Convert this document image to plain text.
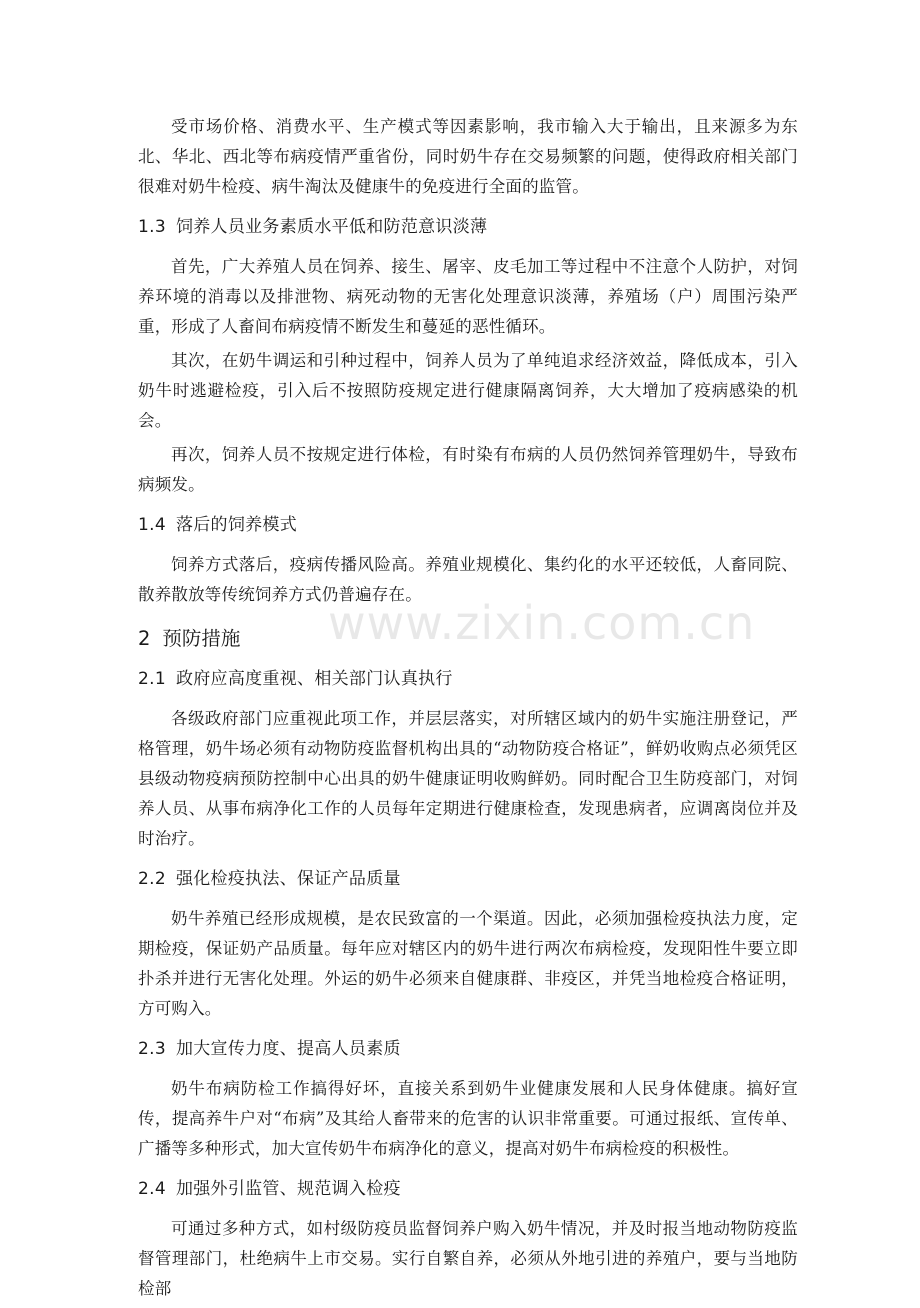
www.zixin.com.cn

受市场价格、消费水平、生产模式等因素影响，我市输入大于输出，且来源多为东北、华北、西北等布病疫情严重省份，同时奶牛存在交易频繁的问题，使得政府相关部门很难对奶牛检疫、病牛淘汰及健康牛的免疫进行全面的监管。

1.3 饲养人员业务素质水平低和防范意识淡薄

首先，广大养殖人员在饲养、接生、屠宰、皮毛加工等过程中不注意个人防护，对饲养环境的消毒以及排泄物、病死动物的无害化处理意识淡薄，养殖场（户）周围污染严重，形成了人畜间布病疫情不断发生和蔓延的恶性循环。

其次，在奶牛调运和引种过程中，饲养人员为了单纯追求经济效益，降低成本，引入奶牛时逃避检疫，引入后不按照防疫规定进行健康隔离饲养，大大增加了疫病感染的机会。

再次，饲养人员不按规定进行体检，有时染有布病的人员仍然饲养管理奶牛，导致布病频发。

1.4 落后的饲养模式

饲养方式落后，疫病传播风险高。养殖业规模化、集约化的水平还较低，人畜同院、散养散放等传统饲养方式仍普遍存在。

2 预防措施
2.1 政府应高度重视、相关部门认真执行

各级政府部门应重视此项工作，并层层落实，对所辖区域内的奶牛实施注册登记，严格管理，奶牛场必须有动物防疫监督机构出具的“动物防疫合格证”，鲜奶收购点必须凭区县级动物疫病预防控制中心出具的奶牛健康证明收购鲜奶。同时配合卫生防疫部门，对饲养人员、从事布病净化工作的人员每年定期进行健康检查，发现患病者，应调离岗位并及时治疗。

2.2 强化检疫执法、保证产品质量

奶牛养殖已经形成规模，是农民致富的一个渠道。因此，必须加强检疫执法力度，定期检疫，保证奶产品质量。每年应对辖区内的奶牛进行两次布病检疫，发现阳性牛要立即扑杀并进行无害化处理。外运的奶牛必须来自健康群、非疫区，并凭当地检疫合格证明，方可购入。

2.3 加大宣传力度、提高人员素质

奶牛布病防检工作搞得好坏，直接关系到奶牛业健康发展和人民身体健康。搞好宣传，提高养牛户对“布病”及其给人畜带来的危害的认识非常重要。可通过报纸、宣传单、广播等多种形式，加大宣传奶牛布病净化的意义，提高对奶牛布病检疫的积极性。

2.4 加强外引监管、规范调入检疫

可通过多种方式，如村级防疫员监督饲养户购入奶牛情况，并及时报当地动物防疫监督管理部门，杜绝病牛上市交易。实行自繁自养，必须从外地引进的养殖户，要与当地防检部
